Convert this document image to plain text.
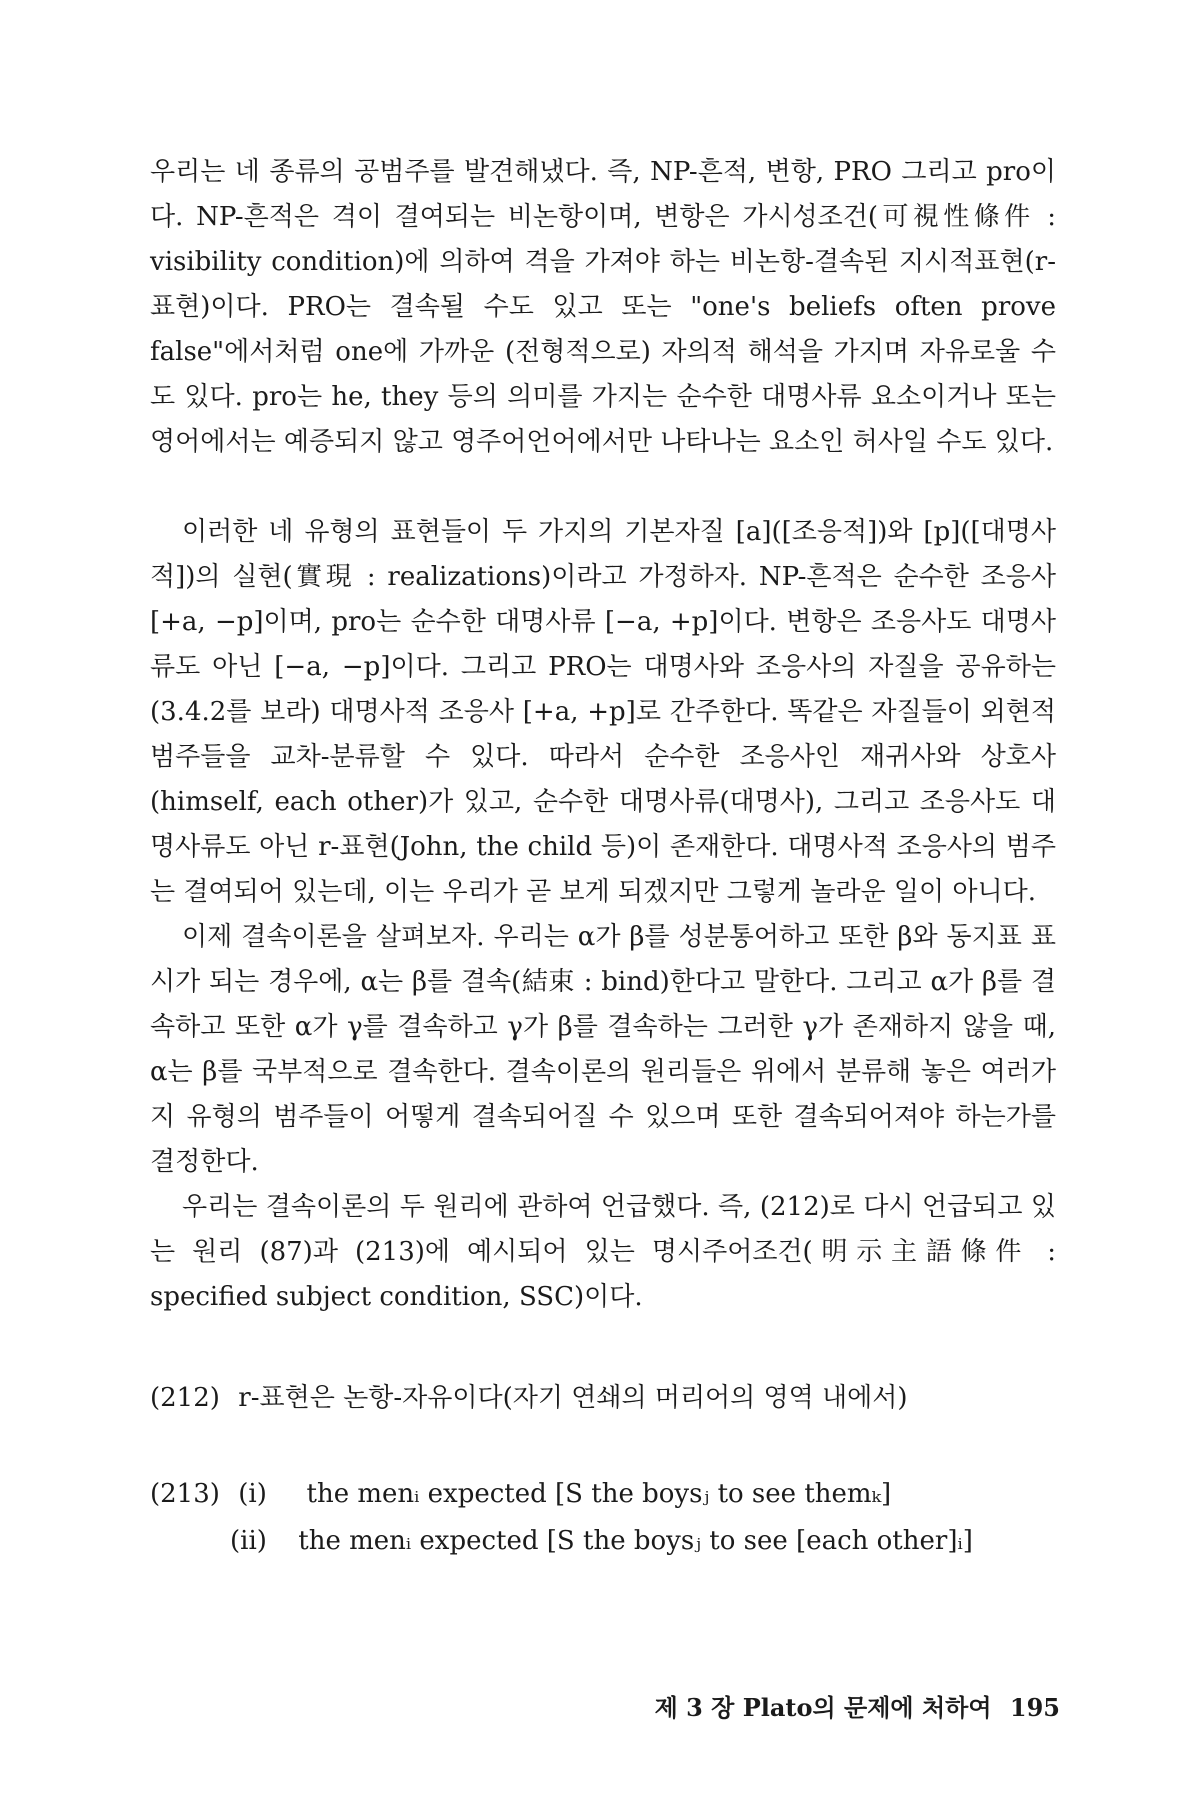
우리는 네 종류의 공범주를 발견해냈다. 즉, NP-흔적, 변항, PRO 그리고 pro이다. NP-흔적은 격이 결여되는 비논항이며, 변항은 가시성조건(可視性條件 : visibility condition)에 의하여 격을 가져야 하는 비논항-결속된 지시적표현(r-표현)이다. PRO는 결속될 수도 있고 또는 "one's beliefs often prove false"에서처럼 one에 가까운 (전형적으로) 자의적 해석을 가지며 자유로울 수도 있다. pro는 he, they 등의 의미를 가지는 순수한 대명사류 요소이거나 또는 영어에서는 예증되지 않고 영주어언어에서만 나타나는 요소인 허사일 수도 있다.

이러한 네 유형의 표현들이 두 가지의 기본자질 [a]([조응적])와 [p]([대명사적])의 실현(實現 : realizations)이라고 가정하자. NP-흔적은 순수한 조응사 [+a, −p]이며, pro는 순수한 대명사류 [−a, +p]이다. 변항은 조응사도 대명사류도 아닌 [−a, −p]이다. 그리고 PRO는 대명사와 조응사의 자질을 공유하는 (3.4.2를 보라) 대명사적 조응사 [+a, +p]로 간주한다. 똑같은 자질들이 외현적 범주들을 교차-분류할 수 있다. 따라서 순수한 조응사인 재귀사와 상호사(himself, each other)가 있고, 순수한 대명사류(대명사), 그리고 조응사도 대명사류도 아닌 r-표현(John, the child 등)이 존재한다. 대명사적 조응사의 범주는 결여되어 있는데, 이는 우리가 곧 보게 되겠지만 그렇게 놀라운 일이 아니다.

이제 결속이론을 살펴보자. 우리는 α가 β를 성분통어하고 또한 β와 동지표 표시가 되는 경우에, α는 β를 결속(結束 : bind)한다고 말한다. 그리고 α가 β를 결속하고 또한 α가 γ를 결속하고 γ가 β를 결속하는 그러한 γ가 존재하지 않을 때, α는 β를 국부적으로 결속한다. 결속이론의 원리들은 위에서 분류해 놓은 여러가지 유형의 범주들이 어떻게 결속되어질 수 있으며 또한 결속되어져야 하는가를 결정한다.

우리는 결속이론의 두 원리에 관하여 언급했다. 즉, (212)로 다시 언급되고 있는 원리 (87)과 (213)에 예시되어 있는 명시주어조건(明示主語條件 : specified subject condition, SSC)이다.

(212) r-표현은 논항-자유이다(자기 연쇄의 머리어의 영역 내에서)
(213) (i) the menᵢ expected [S the boysⱼ to see themₖ]
(ii) the menᵢ expected [S the boysⱼ to see [each other]ᵢ]
제 3 장 Plato의 문제에 처하여 195
